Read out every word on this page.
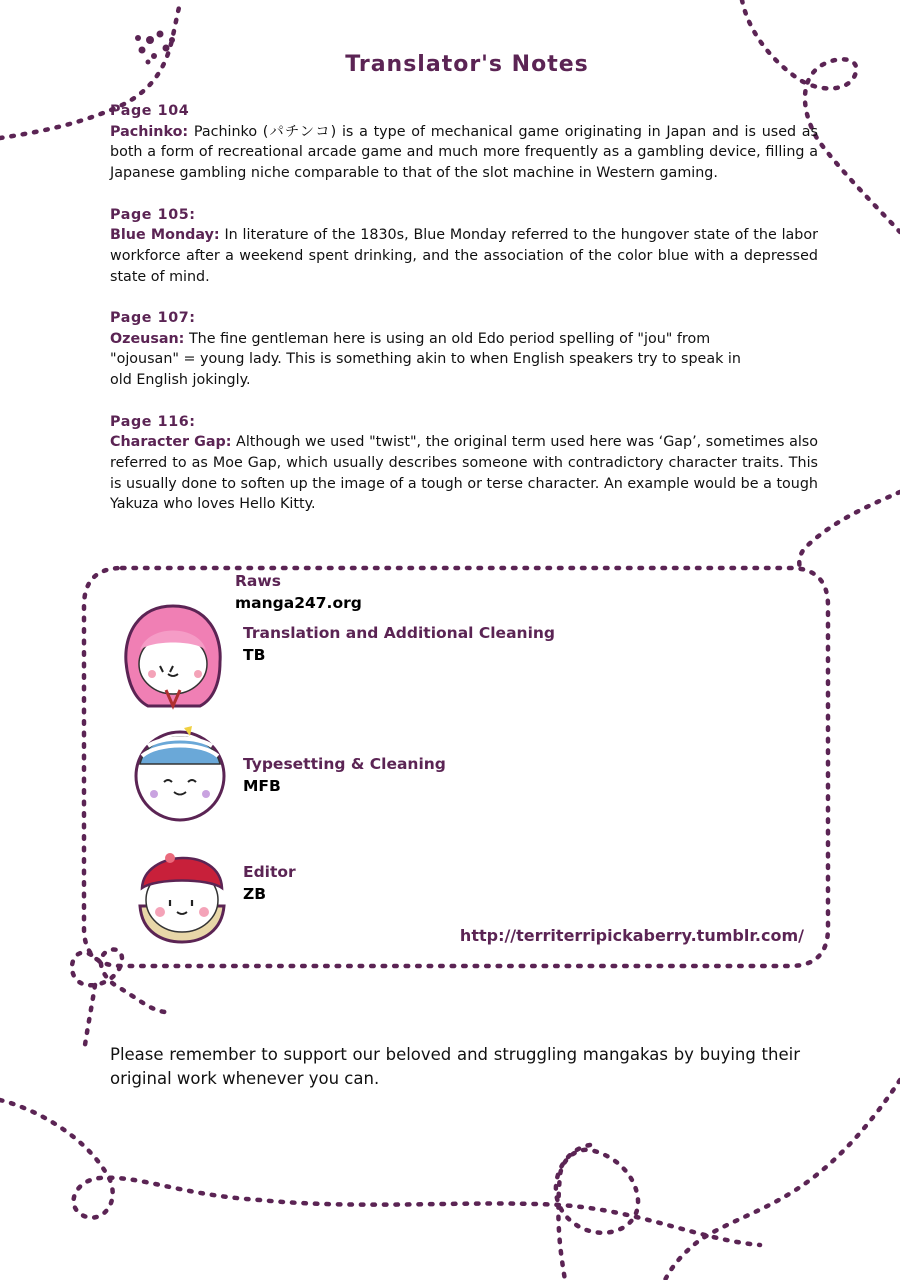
Translator's Notes
Page 104
Pachinko: Pachinko (パチンコ) is a type of mechanical game originating in Japan and is used as both a form of recreational arcade game and much more frequently as a gambling device, filling a Japanese gambling niche comparable to that of the slot machine in Western gaming.
Page 105:
Blue Monday: In literature of the 1830s, Blue Monday referred to the hungover state of the labor workforce after a weekend spent drinking, and the association of the color blue with a depressed state of mind.
Page 107:
Ozeusan: The fine gentleman here is using an old Edo period spelling of "jou" from "ojousan" = young lady. This is something akin to when English speakers try to speak in old English jokingly.
Page 116:
Character Gap: Although we used "twist", the original term used here was ‘Gap’, sometimes also referred to as Moe Gap, which usually describes someone with contradictory character traits. This is usually done to soften up the image of a tough or terse character. An example would be a tough Yakuza who loves Hello Kitty.
Raws
manga247.org
Translation and Additional Cleaning
TB
Typesetting & Cleaning
MFB
Editor
ZB
http://territerripickaberry.tumblr.com/

Please remember to support our beloved and struggling mangakas by buying their original work whenever you can.
